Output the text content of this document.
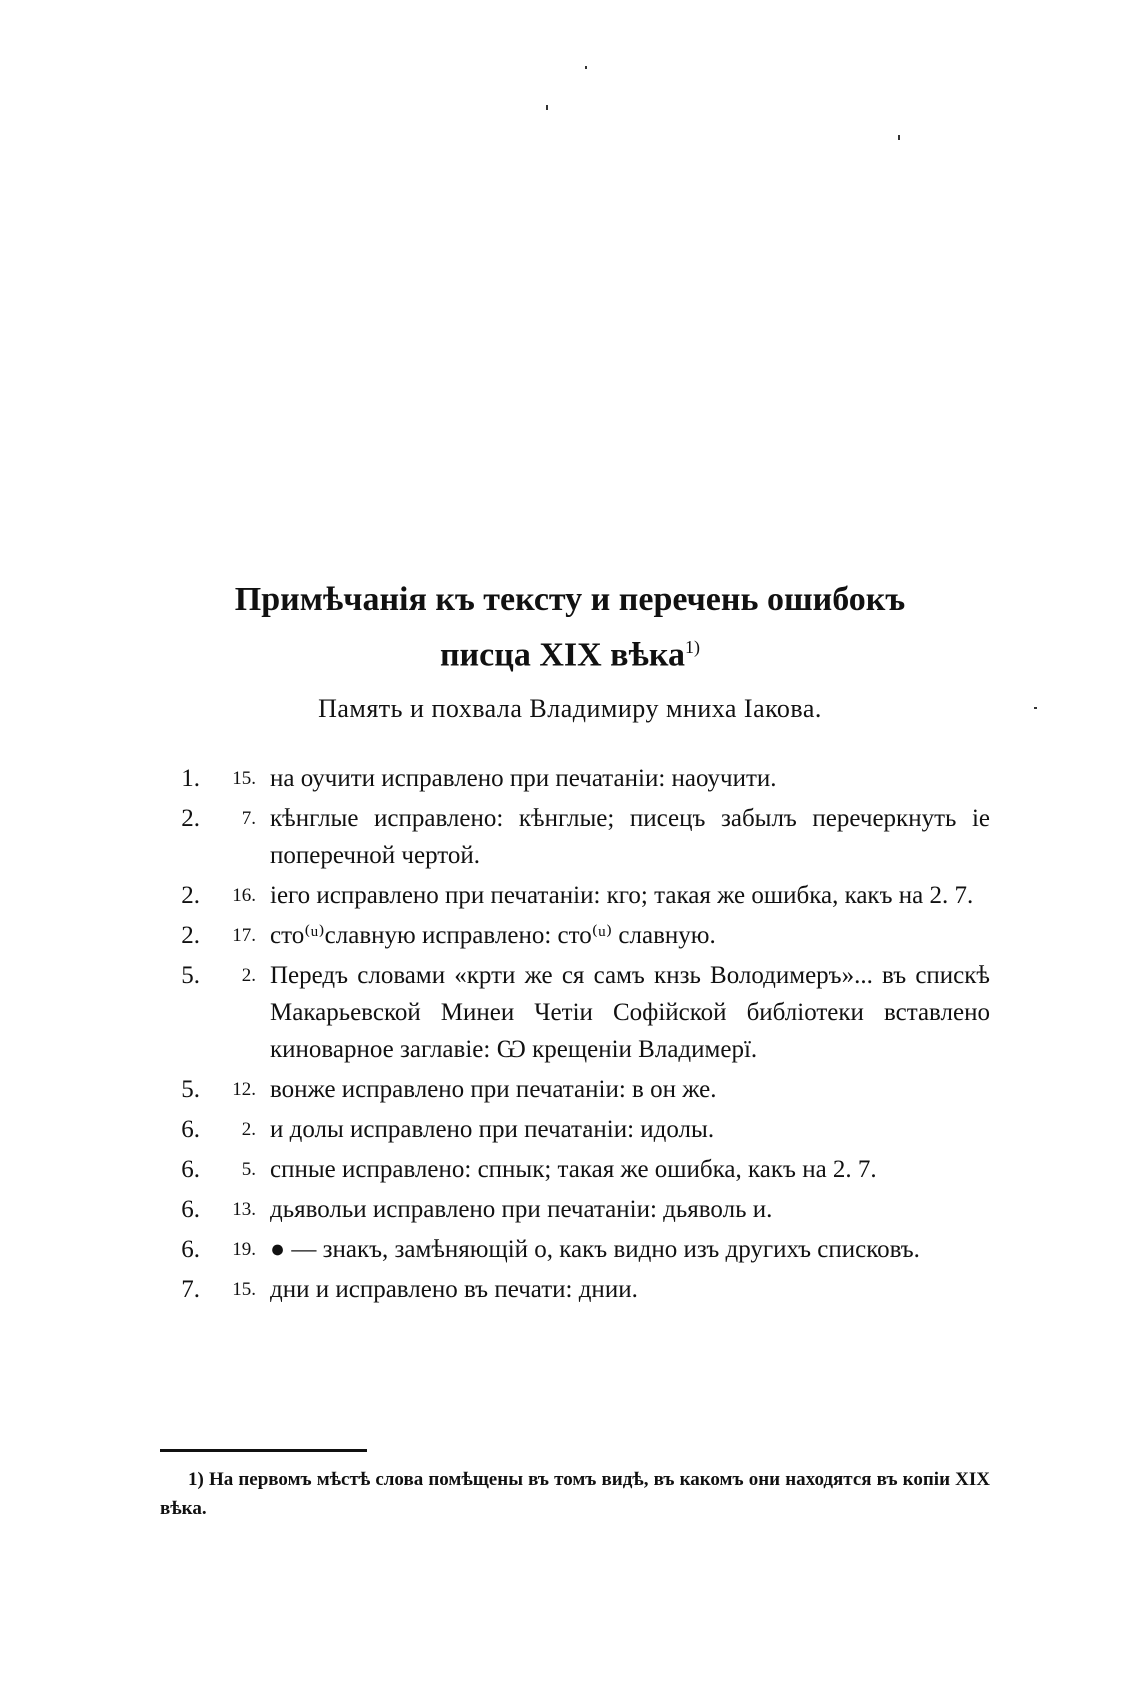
Примѣчанія къ тексту и перечень ошибокъ
писца XIX вѣка$^{1)}$
Память и похвала Владимиру мниха Іакова.
1.	15. на оучити исправлено при печатаніи: наоучити.
2.	7. кѣнглые исправлено: кѣнглые; писецъ забылъ перечеркнуть іе поперечной чертой.
2.	16. іего исправлено при печатаніи: кго; такая же ошибка, какъ на 2. 7.
2.	17. сто⁽ᵘ⁾славную исправлено: сто⁽ᵘ⁾ славную.
5.	2. Передъ словами «крти же ся самъ кнзь Володимеръ»... въ спискѣ Макарьевской Минеи Четіи Софійской библіотеки вставлено киноварное заглавіе: Ѡ крещеніи Владимерї.
5.	12. вонже исправлено при печатаніи: в он же.
6.	2. и долы исправлено при печатаніи: идолы.
6.	5. спные исправлено: спнык; такая же ошибка, какъ на 2. 7.
6.	13. дьявольи исправлено при печатаніи: дьяволь и.
6.	19. ● — знакъ, замѣняющій о, какъ видно изъ другихъ списковъ.
7.	15. дни и исправлено въ печати: днии.
1) На первомъ мѣстѣ слова помѣщены въ томъ видѣ, въ какомъ они находятся въ копіи XIX вѣка.
